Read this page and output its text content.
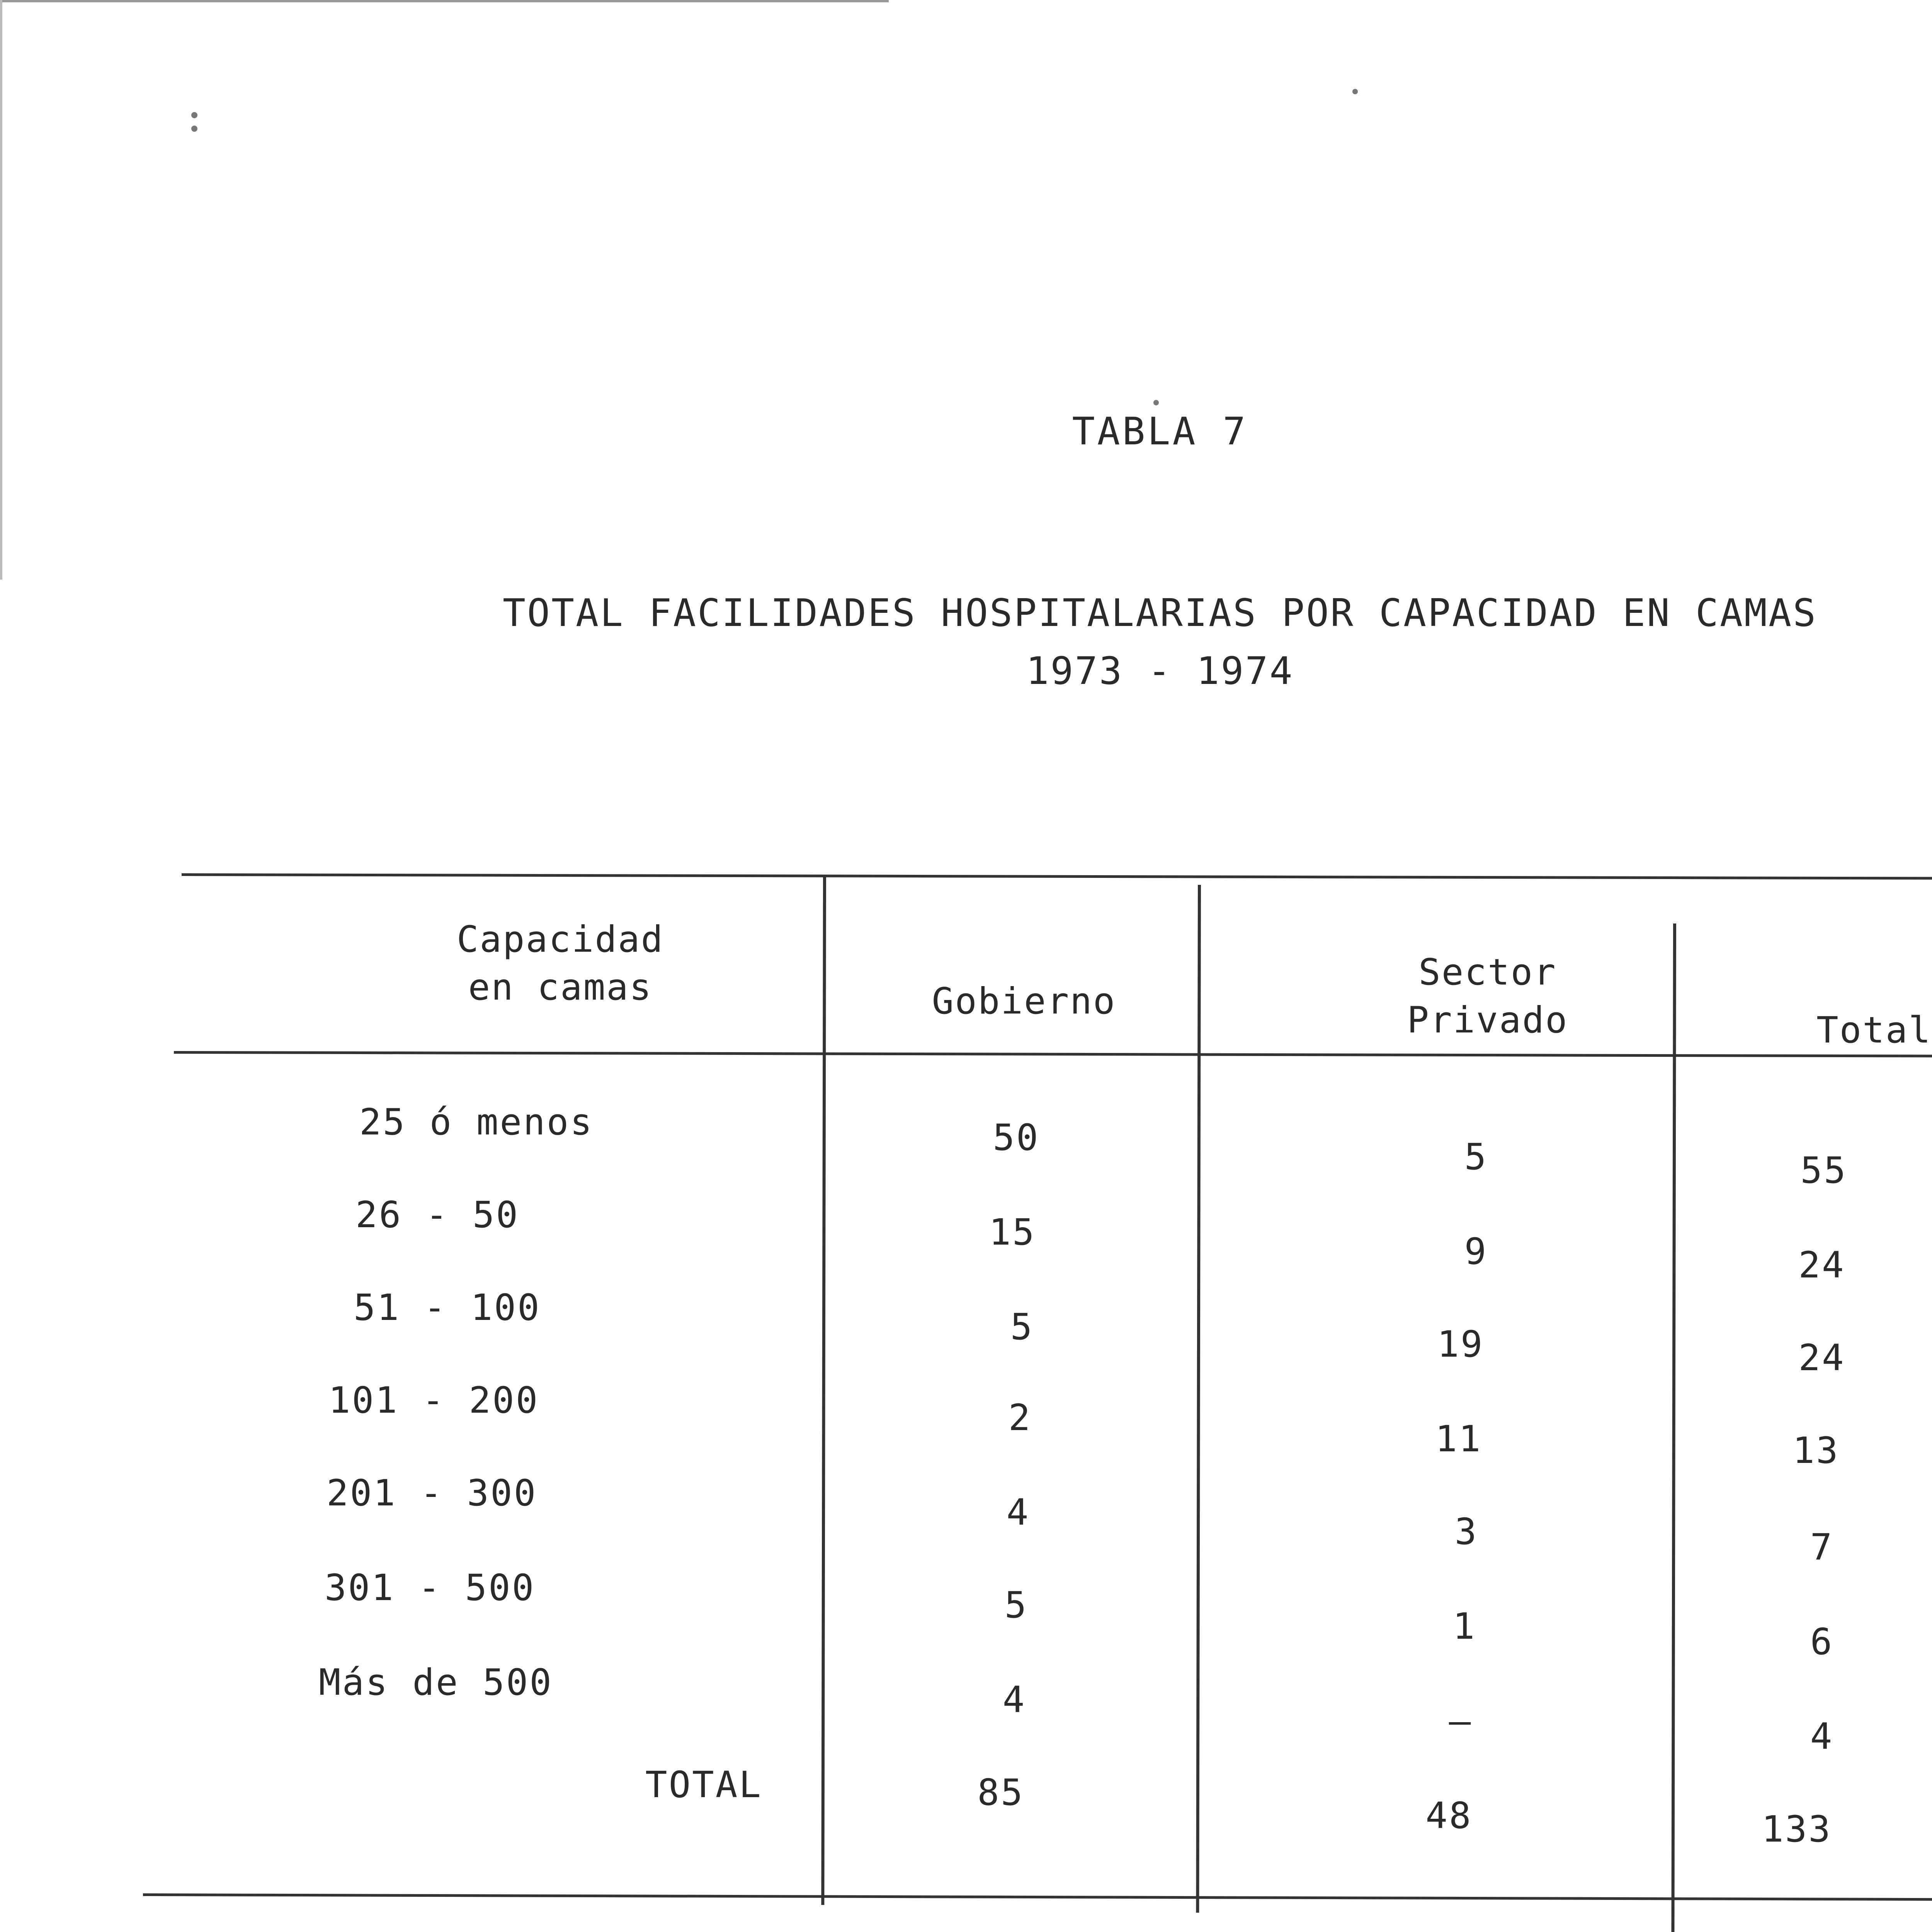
TABLA 7
TOTAL FACILIDADES HOSPITALARIAS POR CAPACIDAD EN CAMAS
1973 - 1974
Capacidad
en camas	Gobierno
Sector
Privado	Total
25 ó menos
26 - 50
51 - 100
101 - 200
201 - 300
301 - 500
Más de 500
TOTAL
50
15
5
2
4
5
4
85
5
9
19
11
3
1
–
48
55
24
24
13
7
6
4
133
